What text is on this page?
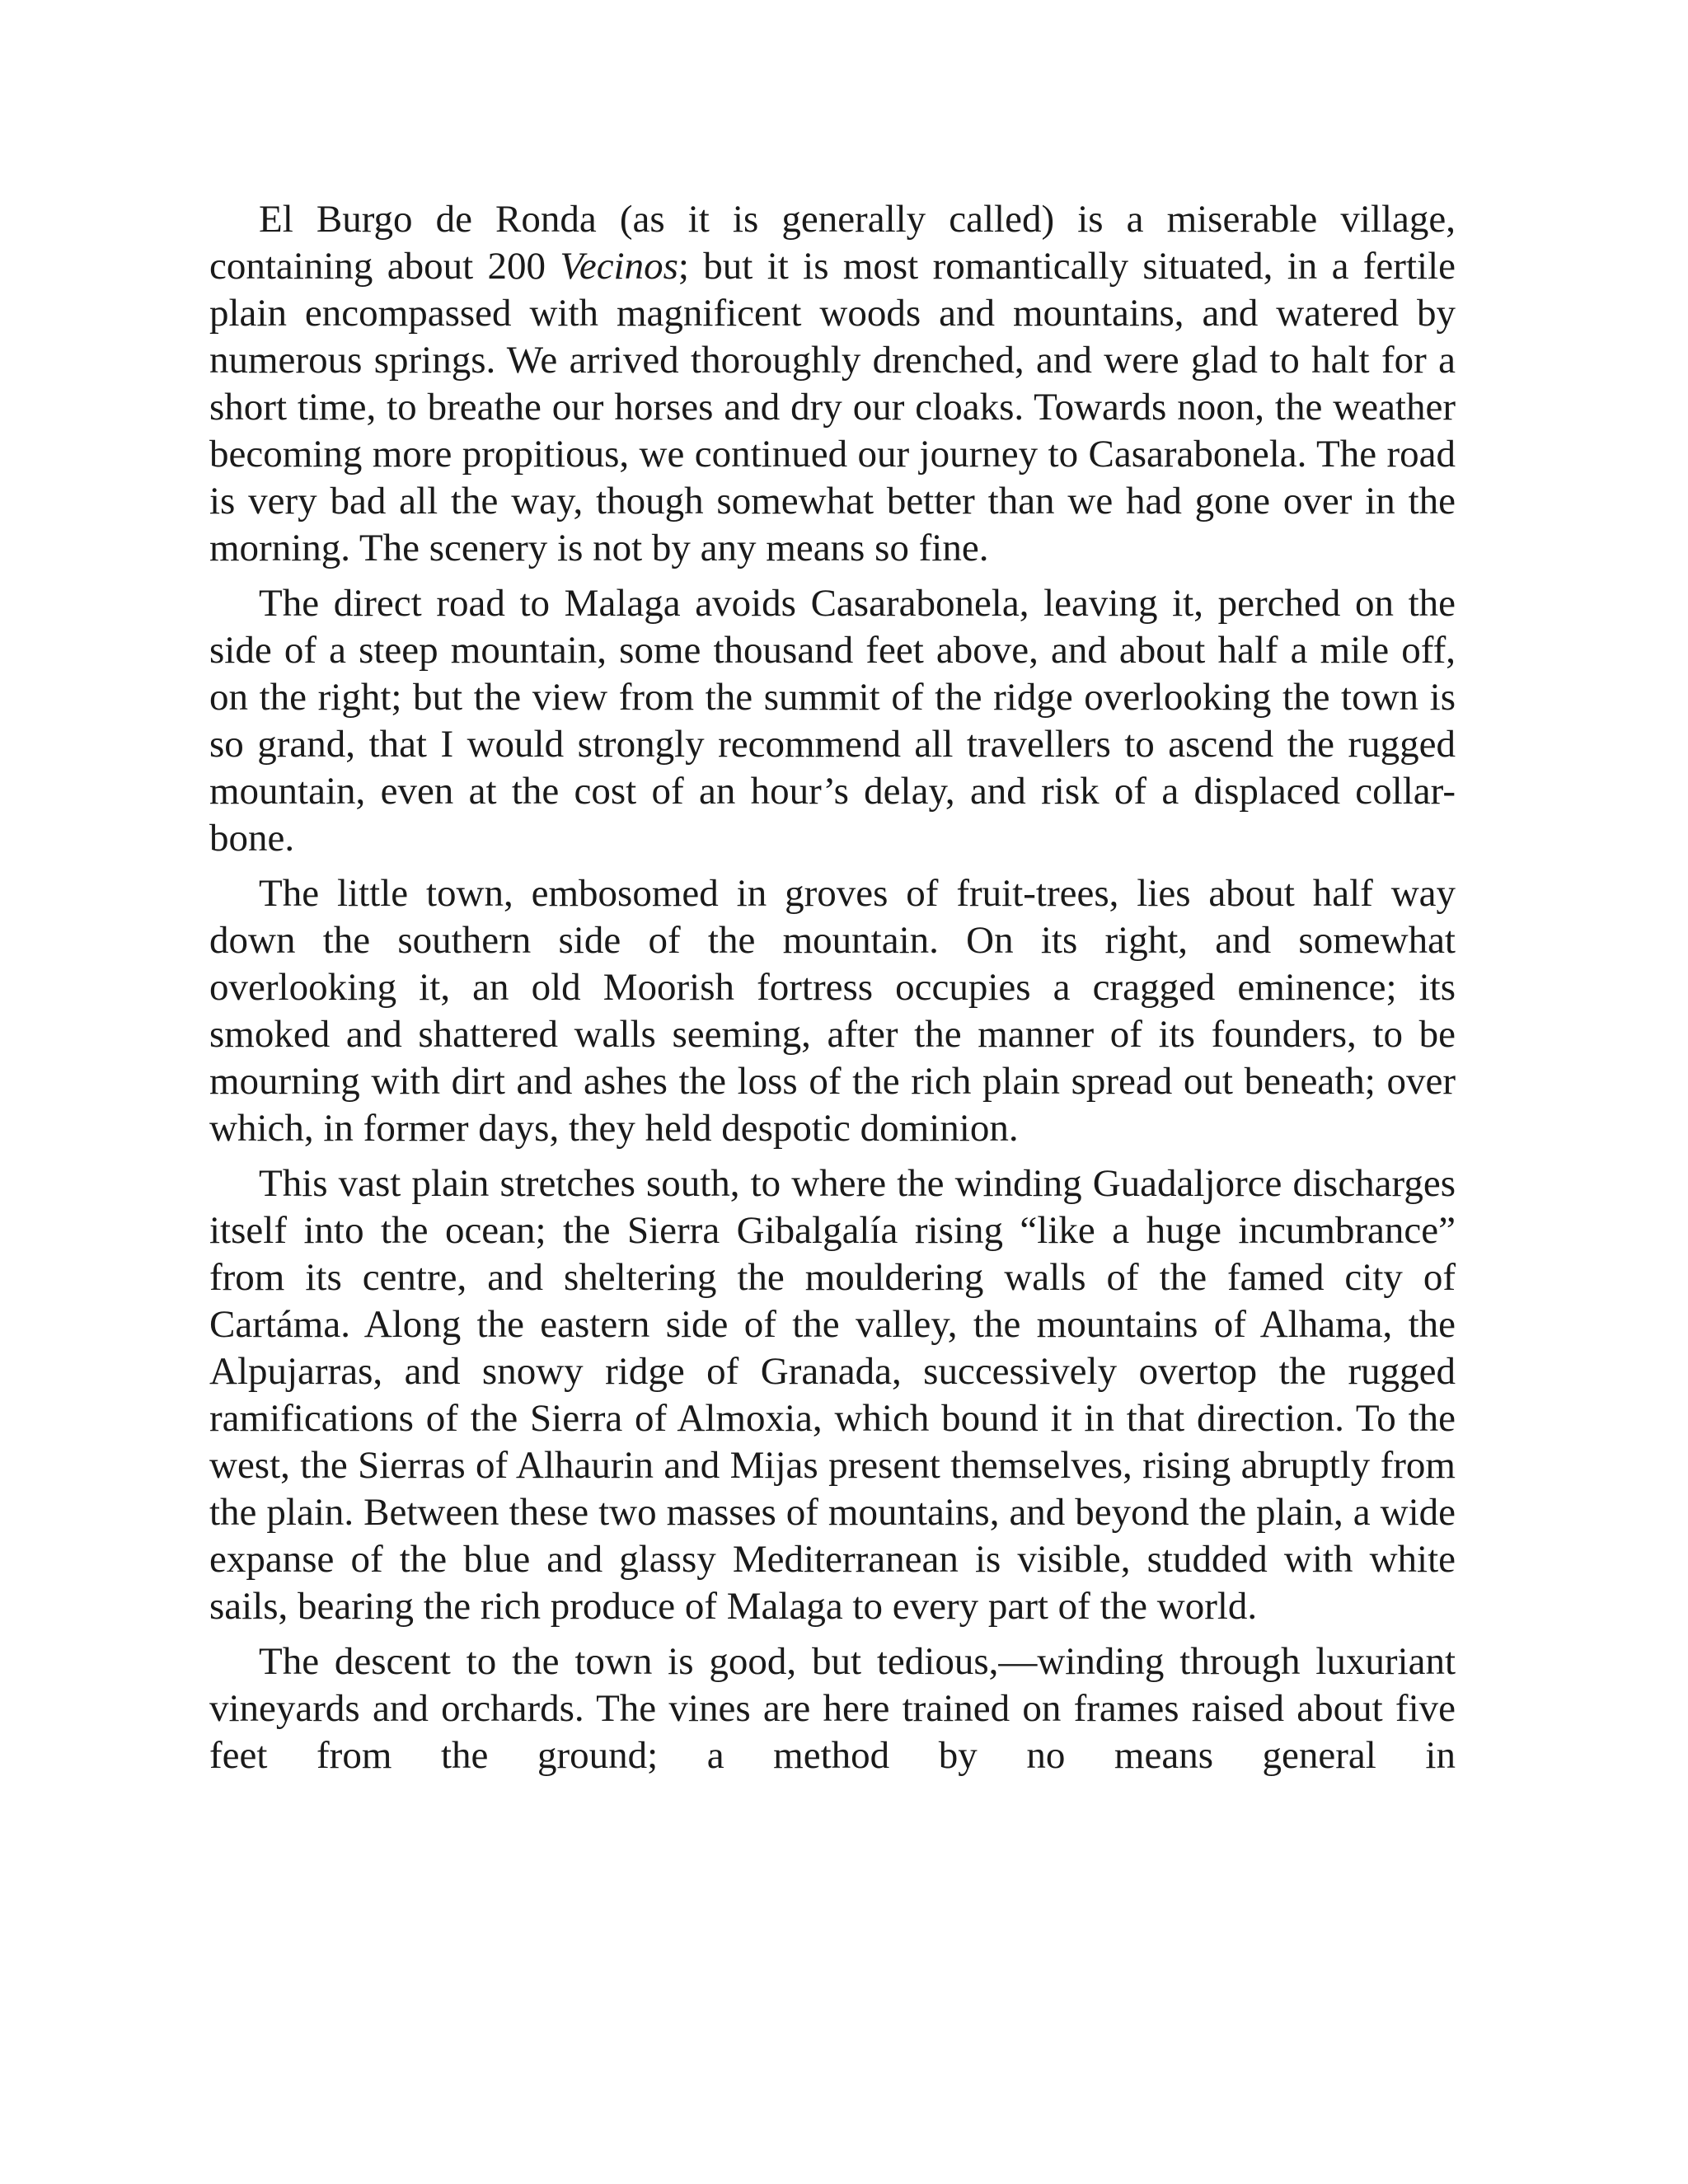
El Burgo de Ronda (as it is generally called) is a miserable village, containing about 200 Vecinos; but it is most romantically situated, in a fertile plain encompassed with magnificent woods and mountains, and watered by numerous springs. We arrived thoroughly drenched, and were glad to halt for a short time, to breathe our horses and dry our cloaks. Towards noon, the weather becoming more propitious, we continued our journey to Casarabonela. The road is very bad all the way, though somewhat better than we had gone over in the morning. The scenery is not by any means so fine.

The direct road to Malaga avoids Casarabonela, leaving it, perched on the side of a steep mountain, some thousand feet above, and about half a mile off, on the right; but the view from the summit of the ridge overlooking the town is so grand, that I would strongly recommend all travellers to ascend the rugged mountain, even at the cost of an hour’s delay, and risk of a displaced collar-bone.

The little town, embosomed in groves of fruit-trees, lies about half way down the southern side of the mountain. On its right, and somewhat overlooking it, an old Moorish fortress occupies a cragged eminence; its smoked and shattered walls seeming, after the manner of its founders, to be mourning with dirt and ashes the loss of the rich plain spread out beneath; over which, in former days, they held despotic dominion.

This vast plain stretches south, to where the winding Guadaljorce discharges itself into the ocean; the Sierra Gibalgalía rising “like a huge incumbrance” from its centre, and sheltering the mouldering walls of the famed city of Cartáma. Along the eastern side of the valley, the mountains of Alhama, the Alpujarras, and snowy ridge of Granada, successively overtop the rugged ramifications of the Sierra of Almoxia, which bound it in that direction. To the west, the Sierras of Alhaurin and Mijas present themselves, rising abruptly from the plain. Between these two masses of mountains, and beyond the plain, a wide expanse of the blue and glassy Mediterranean is visible, studded with white sails, bearing the rich produce of Malaga to every part of the world.

The descent to the town is good, but tedious,—winding through luxuriant vineyards and orchards. The vines are here trained on frames raised about five feet from the ground; a method by no means general in
